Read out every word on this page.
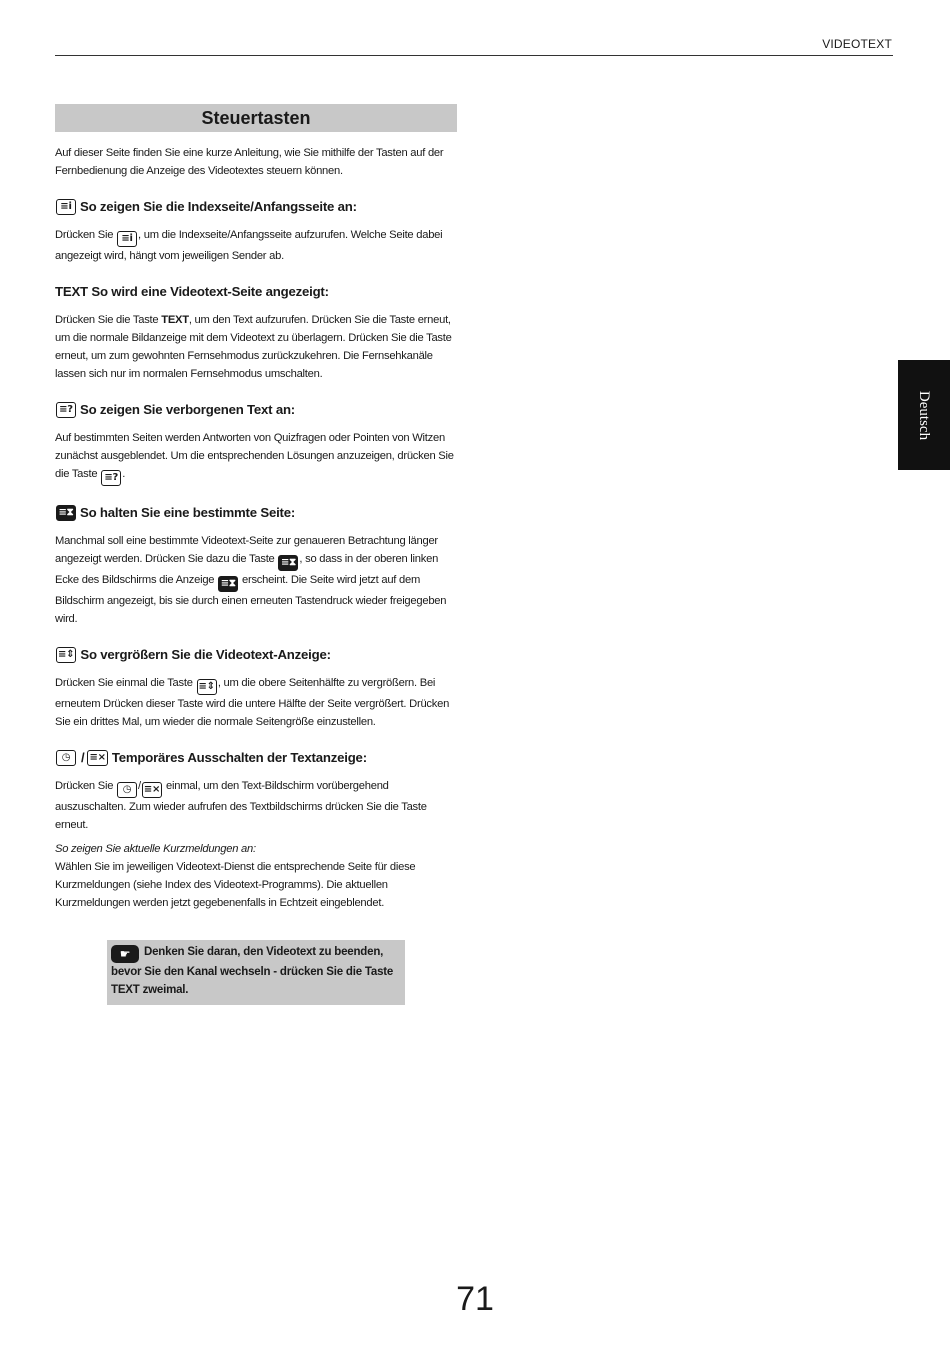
VIDEOTEXT
Deutsch
Steuertasten

Auf dieser Seite finden Sie eine kurze Anleitung, wie Sie mithilfe der Tasten auf der Fernbedienung die Anzeige des Videotextes steuern können.

≡i So zeigen Sie die Indexseite/Anfangsseite an:

Drücken Sie ≡i , um die Indexseite/Anfangsseite aufzurufen. Welche Seite dabei angezeigt wird, hängt vom jeweiligen Sender ab.

TEXT So wird eine Videotext-Seite angezeigt:

Drücken Sie die Taste TEXT, um den Text aufzurufen. Drücken Sie die Taste erneut, um die normale Bildanzeige mit dem Videotext zu überlagern. Drücken Sie die Taste erneut, um zum gewohnten Fernsehmodus zurückzukehren. Die Fernsehkanäle lassen sich nur im normalen Fernsehmodus umschalten.

≡? So zeigen Sie verborgenen Text an:

Auf bestimmten Seiten werden Antworten von Quizfragen oder Pointen von Witzen zunächst ausgeblendet. Um die entsprechenden Lösungen anzuzeigen, drücken Sie die Taste ≡? .

≡⧗ So halten Sie eine bestimmte Seite:

Manchmal soll eine bestimmte Videotext-Seite zur genaueren Betrachtung länger angezeigt werden. Drücken Sie dazu die Taste ≡⧗ , so dass in der oberen linken Ecke des Bildschirms die Anzeige ≡⧗ erscheint. Die Seite wird jetzt auf dem Bildschirm angezeigt, bis sie durch einen erneuten Tastendruck wieder freigegeben wird.

≡⇕ So vergrößern Sie die Videotext-Anzeige:

Drücken Sie einmal die Taste ≡⇕ , um die obere Seitenhälfte zu vergrößern. Bei erneutem Drücken dieser Taste wird die untere Hälfte der Seite vergrößert. Drücken Sie ein drittes Mal, um wieder die normale Seitengröße einzustellen.

◷ / ≡× Temporäres Ausschalten der Textanzeige:

Drücken Sie ◷ / ≡× einmal, um den Text-Bildschirm vorübergehend auszuschalten. Zum wieder aufrufen des Textbildschirms drücken Sie die Taste erneut.

So zeigen Sie aktuelle Kurzmeldungen an:

Wählen Sie im jeweiligen Videotext-Dienst die entsprechende Seite für diese Kurzmeldungen (siehe Index des Videotext-Programms). Die aktuellen Kurzmeldungen werden jetzt gegebenenfalls in Echtzeit eingeblendet.

☛ Denken Sie daran, den Videotext zu beenden, bevor Sie den Kanal wechseln - drücken Sie die Taste TEXT zweimal.
71
